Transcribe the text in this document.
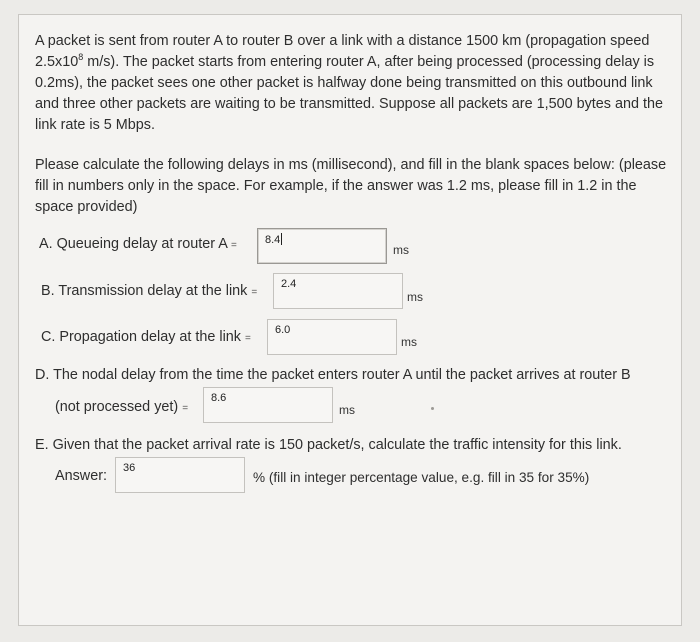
A packet is sent from router A to router B over a link with a distance 1500 km (propagation speed $2.5x10^8$ m/s). The packet starts from entering router A, after being processed (processing delay is 0.2ms), the packet sees one other packet is halfway done being transmitted on this outbound link and three other packets are waiting to be transmitted. Suppose all packets are 1,500 bytes and the link rate is 5 Mbps.
Please calculate the following delays in ms (millisecond), and fill in the blank spaces below: (please fill in numbers only in the space. For example, if the answer was 1.2 ms, please fill in 1.2 in the space provided)
A. Queueing delay at router A =	8.4
ms
B. Transmission delay at the link =
2.4
ms
C. Propagation delay at the link =
6.0
ms
D. The nodal delay from the time the packet enters router A until the packet arrives at router B
(not processed yet) =
8.6
ms
E. Given that the packet arrival rate is 150 packet/s, calculate the traffic intensity for this link.
Answer:	36
% (fill in integer percentage value, e.g. fill in 35 for 35%)
